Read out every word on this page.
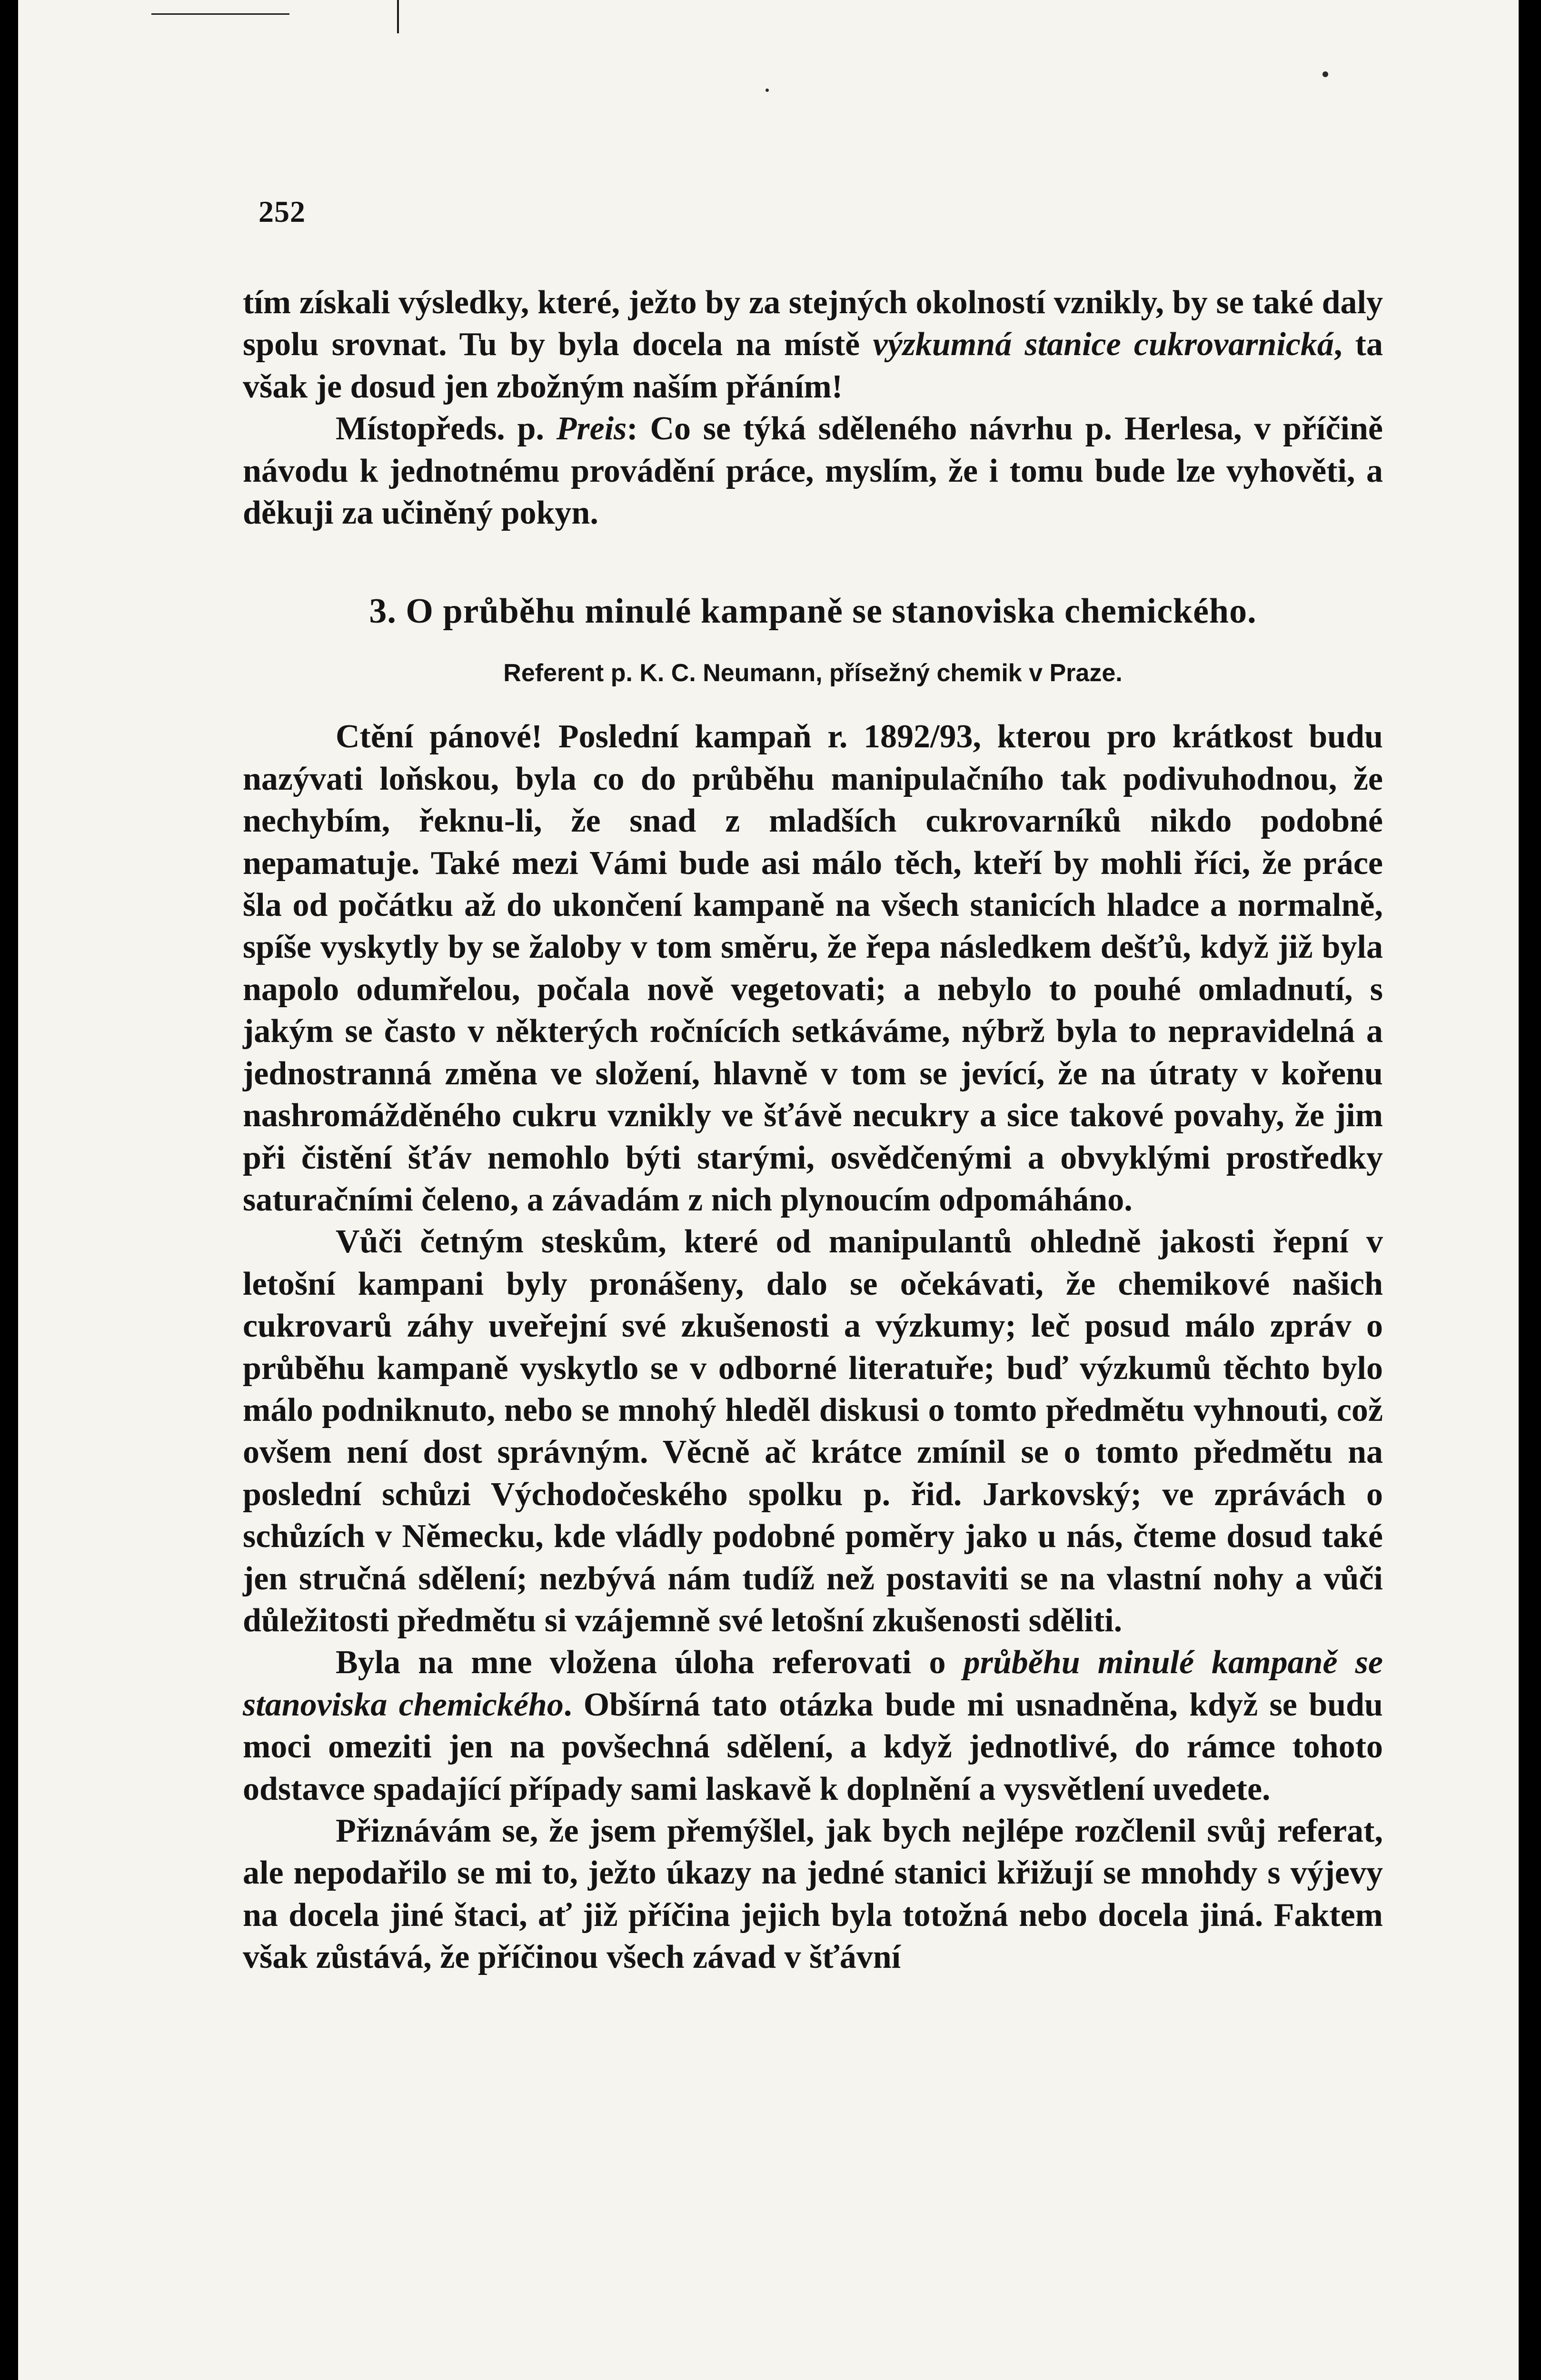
252

tím získali výsledky, které, ježto by za stejných okolností vznikly, by se také daly spolu srovnat. Tu by byla docela na místě výzkumná stanice cukrovarnická, ta však je dosud jen zbožným naším přáním!

Místopředs. p. Preis: Co se týká sděleného návrhu p. Herlesa, v příčině návodu k jednotnému provádění práce, myslím, že i tomu bude lze vyhověti, a děkuji za učiněný pokyn.

3. O průběhu minulé kampaně se stanoviska chemického.
Referent p. K. C. Neumann, přísežný chemik v Praze.

Ctění pánové! Poslední kampaň r. 1892/93, kterou pro krátkost budu nazývati loňskou, byla co do průběhu manipulačního tak podivuhodnou, že nechybím, řeknu-li, že snad z mladších cukrovarníků nikdo podobné nepamatuje. Také mezi Vámi bude asi málo těch, kteří by mohli říci, že práce šla od počátku až do ukončení kampaně na všech stanicích hladce a normalně, spíše vyskytly by se žaloby v tom směru, že řepa následkem dešťů, když již byla napolo odumřelou, počala nově vegetovati; a nebylo to pouhé omladnutí, s jakým se často v některých ročnících setkáváme, nýbrž byla to nepravidelná a jednostranná změna ve složení, hlavně v tom se jevící, že na útraty v kořenu nashromážděného cukru vznikly ve šťávě necukry a sice takové povahy, že jim při čistění šťáv nemohlo býti starými, osvědčenými a obvyklými prostředky saturačními čeleno, a závadám z nich plynoucím odpomáháno.

Vůči četným steskům, které od manipulantů ohledně jakosti řepní v letošní kampani byly pronášeny, dalo se očekávati, že chemikové našich cukrovarů záhy uveřejní své zkušenosti a výzkumy; leč posud málo zpráv o průběhu kampaně vyskytlo se v odborné literatuře; buď výzkumů těchto bylo málo podniknuto, nebo se mnohý hleděl diskusi o tomto předmětu vyhnouti, což ovšem není dost správným. Věcně ač krátce zmínil se o tomto předmětu na poslední schůzi Východočeského spolku p. řid. Jarkovský; ve zprávách o schůzích v Německu, kde vládly podobné poměry jako u nás, čteme dosud také jen stručná sdělení; nezbývá nám tudíž než postaviti se na vlastní nohy a vůči důležitosti předmětu si vzájemně své letošní zkušenosti sděliti.

Byla na mne vložena úloha referovati o průběhu minulé kampaně se stanoviska chemického. Obšírná tato otázka bude mi usnadněna, když se budu moci omeziti jen na povšechná sdělení, a když jednotlivé, do rámce tohoto odstavce spadající případy sami laskavě k doplnění a vysvětlení uvedete.

Přiznávám se, že jsem přemýšlel, jak bych nejlépe rozčlenil svůj referat, ale nepodařilo se mi to, ježto úkazy na jedné stanici křižují se mnohdy s výjevy na docela jiné štaci, ať již příčina jejich byla totožná nebo docela jiná. Faktem však zůstává, že příčinou všech závad v šťávní
